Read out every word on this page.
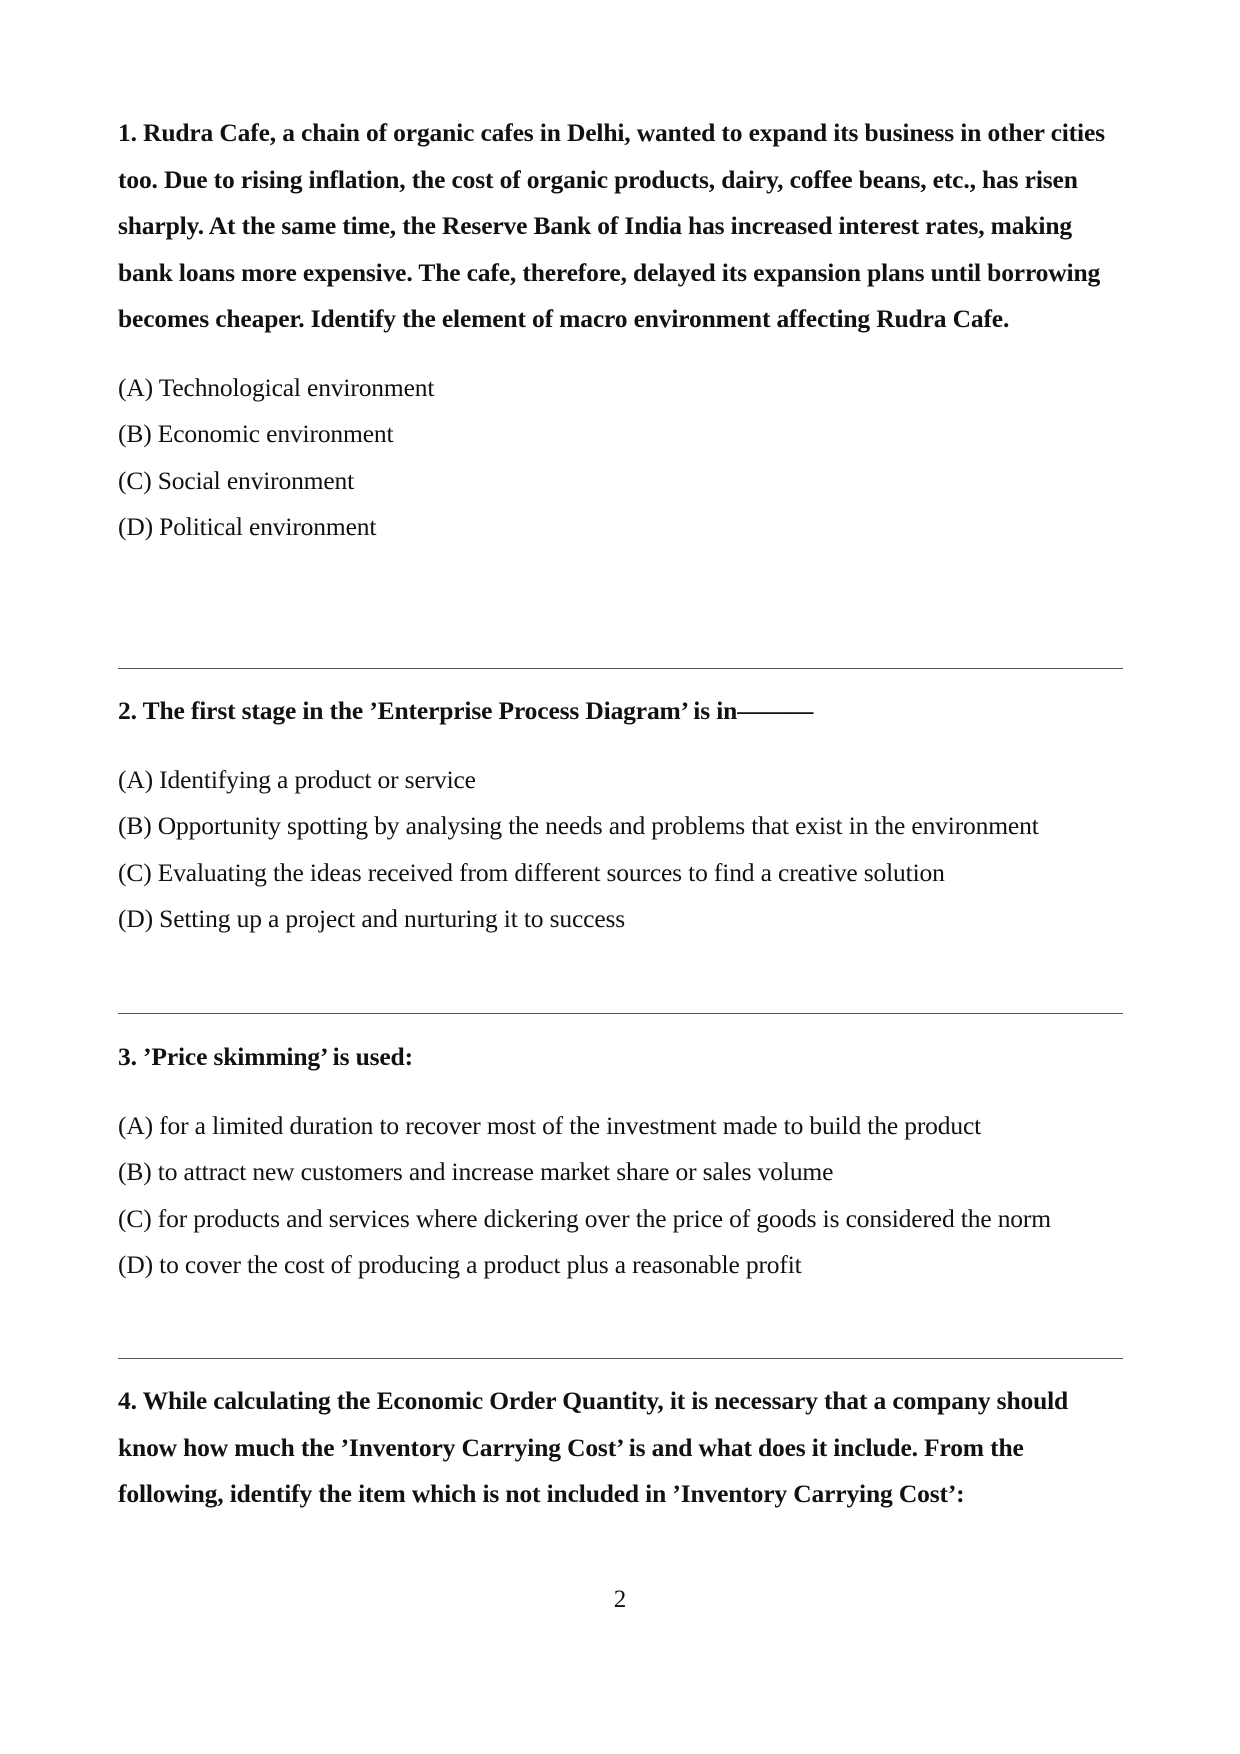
1. Rudra Cafe, a chain of organic cafes in Delhi, wanted to expand its business in other cities too. Due to rising inflation, the cost of organic products, dairy, coffee beans, etc., has risen sharply. At the same time, the Reserve Bank of India has increased interest rates, making bank loans more expensive. The cafe, therefore, delayed its expansion plans until borrowing becomes cheaper. Identify the element of macro environment affecting Rudra Cafe.

(A) Technological environment
(B) Economic environment
(C) Social environment
(D) Political environment

2. The first stage in the ’Enterprise Process Diagram’ is in———

(A) Identifying a product or service
(B) Opportunity spotting by analysing the needs and problems that exist in the environment
(C) Evaluating the ideas received from different sources to find a creative solution
(D) Setting up a project and nurturing it to success

3. ’Price skimming’ is used:

(A) for a limited duration to recover most of the investment made to build the product
(B) to attract new customers and increase market share or sales volume
(C) for products and services where dickering over the price of goods is considered the norm
(D) to cover the cost of producing a product plus a reasonable profit

4. While calculating the Economic Order Quantity, it is necessary that a company should know how much the ’Inventory Carrying Cost’ is and what does it include. From the following, identify the item which is not included in ’Inventory Carrying Cost’:

2
